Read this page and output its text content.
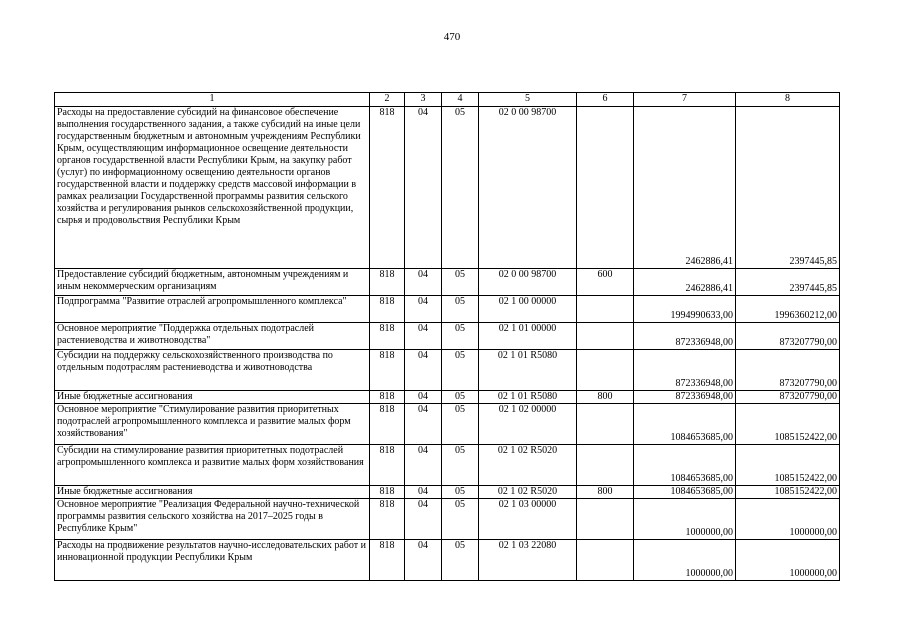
470
1	2	3	4	5	6	7	8
Расходы на предоставление субсидий на финансовое обеспечение выполнения государственного задания, а также субсидий на иные цели государственным бюджетным и автономным учреждениям Республики Крым, осуществляющим информационное освещение деятельности органов государственной власти Республики Крым, на закупку работ (услуг) по информационному освещению деятельности органов государственной власти и поддержку средств массовой информации в рамках реализации Государственной программы развития сельского хозяйства и регулирования рынков сельскохозяйственной продукции, сырья и продовольствия Республики Крым	818	04	05	02 0 00 98700		2462886,41	2397445,85
Предоставление субсидий бюджетным, автономным учреждениям и иным некоммерческим организациям	818	04	05	02 0 00 98700	600	2462886,41	2397445,85
Подпрограмма "Развитие отраслей агропромышленного комплекса"	818	04	05	02 1 00 00000		1994990633,00	1996360212,00
Основное мероприятие "Поддержка отдельных подотраслей растениеводства и животноводства"	818	04	05	02 1 01 00000		872336948,00	873207790,00
Субсидии на поддержку сельскохозяйственного производства по отдельным подотраслям растениеводства и животноводства	818	04	05	02 1 01 R5080		872336948,00	873207790,00
Иные бюджетные ассигнования	818	04	05	02 1 01 R5080	800	872336948,00	873207790,00
Основное мероприятие "Стимулирование развития приоритетных подотраслей агропромышленного комплекса и развитие малых форм хозяйствования"	818	04	05	02 1 02 00000		1084653685,00	1085152422,00
Субсидии на стимулирование развития приоритетных подотраслей агропромышленного комплекса и развитие малых форм хозяйствования	818	04	05	02 1 02 R5020		1084653685,00	1085152422,00
Иные бюджетные ассигнования	818	04	05	02 1 02 R5020	800	1084653685,00	1085152422,00
Основное мероприятие "Реализация Федеральной научно-технической программы развития сельского хозяйства на 2017–2025 годы в Республике Крым"	818	04	05	02 1 03 00000		1000000,00	1000000,00
Расходы на продвижение результатов научно-исследовательских работ и инновационной продукции Республики Крым	818	04	05	02 1 03 22080		1000000,00	1000000,00
